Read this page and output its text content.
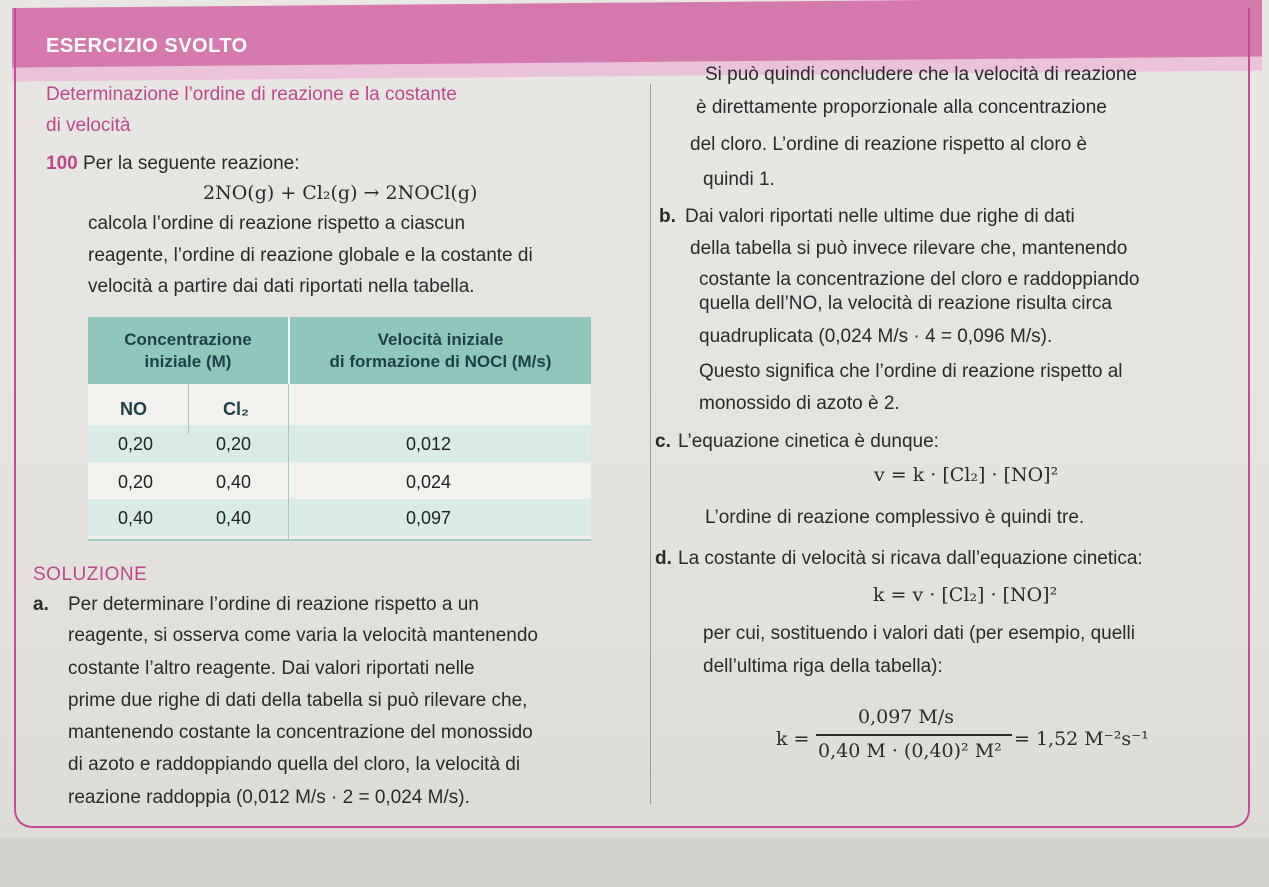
ESERCIZIO SVOLTO
Determinazione l’ordine di reazione e la costante
di velocità
100 Per la seguente reazione:
2NO(g) + Cl₂(g) → 2NOCl(g)
calcola l’ordine di reazione rispetto a ciascun
reagente, l’ordine di reazione globale e la costante di
velocità a partire dai dati riportati nella tabella.
Concentrazione
iniziale (M)
Velocità iniziale
di formazione di NOCl (M/s)
NO	Cl₂
0,20	0,20	0,012
0,20	0,40	0,024
0,40	0,40	0,097
SOLUZIONE
a. Per determinare l’ordine di reazione rispetto a un
reagente, si osserva come varia la velocità mantenendo
costante l’altro reagente. Dai valori riportati nelle
prime due righe di dati della tabella si può rilevare che,
mantenendo costante la concentrazione del monossido
di azoto e raddoppiando quella del cloro, la velocità di
reazione raddoppia (0,012 M/s · 2 = 0,024 M/s).
Si può quindi concludere che la velocità di reazione
è direttamente proporzionale alla concentrazione
del cloro. L’ordine di reazione rispetto al cloro è
quindi 1.
b. Dai valori riportati nelle ultime due righe di dati
della tabella si può invece rilevare che, mantenendo
costante la concentrazione del cloro e raddoppiando
quella dell’NO, la velocità di reazione risulta circa
quadruplicata (0,024 M/s · 4 = 0,096 M/s).
Questo significa che l’ordine di reazione rispetto al
monossido di azoto è 2.
c. L’equazione cinetica è dunque:
v = k · [Cl₂] · [NO]²
L’ordine di reazione complessivo è quindi tre.
d. La costante di velocità si ricava dall’equazione cinetica:
k = v · [Cl₂] · [NO]²
per cui, sostituendo i valori dati (per esempio, quelli
dell’ultima riga della tabella):
k =
0,097 M/s
0,40 M · (0,40)² M²
= 1,52 M⁻²s⁻¹
